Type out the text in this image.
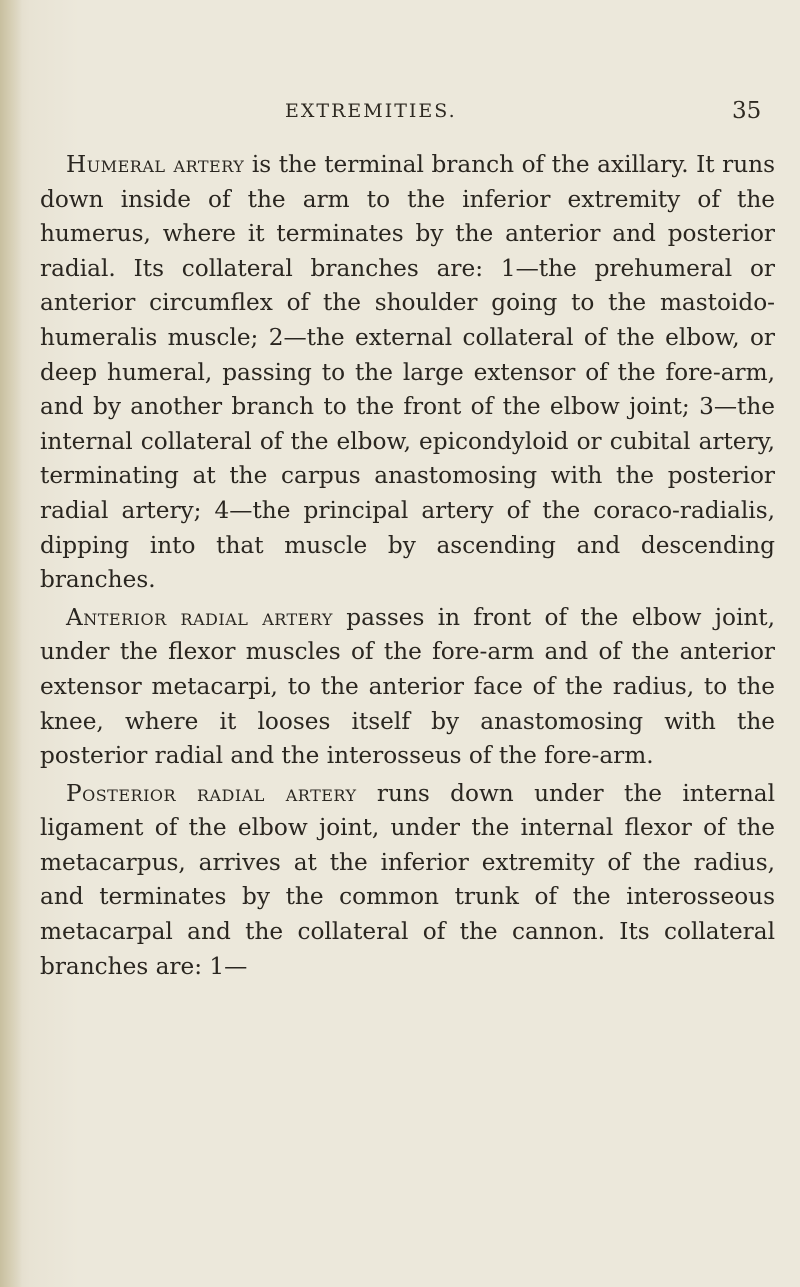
EXTREMITIES.	35

Humeral artery is the terminal branch of the axillary. It runs down inside of the arm to the inferior extremity of the humerus, where it terminates by the anterior and posterior radial. Its collateral branches are: 1—the prehumeral or anterior circumflex of the shoulder going to the mastoido-humeralis muscle; 2—the external collateral of the elbow, or deep humeral, passing to the large extensor of the fore-arm, and by another branch to the front of the elbow joint; 3—the internal collateral of the elbow, epicondyloid or cubital artery, terminating at the carpus anastomosing with the posterior radial artery; 4—the principal artery of the coraco-radialis, dipping into that muscle by ascending and descending branches.

Anterior radial artery passes in front of the elbow joint, under the flexor muscles of the fore-arm and of the anterior extensor metacarpi, to the anterior face of the radius, to the knee, where it looses itself by anastomosing with the posterior radial and the interosseus of the fore-arm.

Posterior radial artery runs down under the internal ligament of the elbow joint, under the internal flexor of the metacarpus, arrives at the inferior extremity of the radius, and terminates by the common trunk of the interosseous metacarpal and the collateral of the cannon. Its collateral branches are: 1—
